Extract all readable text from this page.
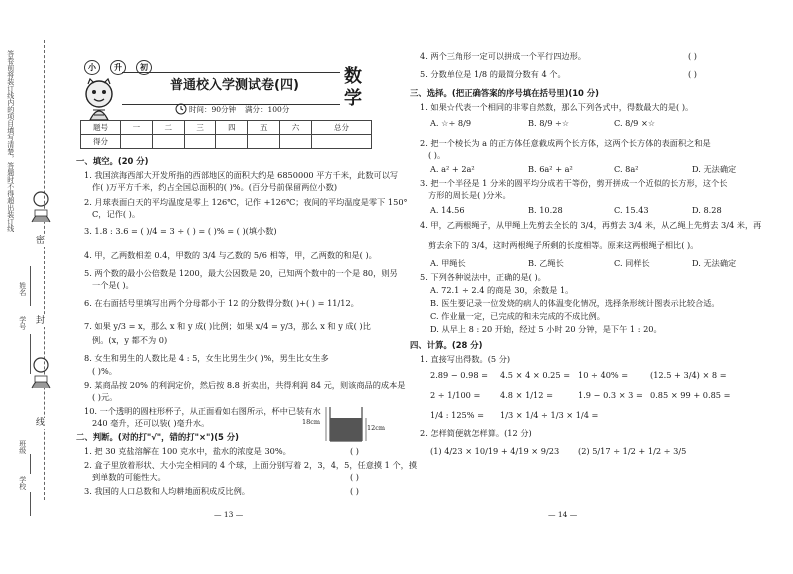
答卷前将装订线内的项目填写清楚，答题时不得超出装订线
密
封
线
学号
姓名
班级
学校
小	升	初
普通校入学测试卷(四)
时间：90分钟 满分：100分
数学
题号	一	二	三	四	五	六	总分
得分							
一、填空。(20 分)
1. 我国滨海西部大开发所指的西部地区的面积大约是 6850000 平方千米，此数可以写
作( )万平方千米，约占全国总面积的( )%。(百分号前保留两位小数)
2. 月球表面白天的平均温度是零上 126℃，记作 +126℃；夜间的平均温度是零下 150°
C，记作( )。
3. 1.8 : 3.6 = ( )/4 = 3 ÷ ( ) = ( )% = ( )(填小数)
4. 甲，乙两数相差 0.4，甲数的 3/4 与乙数的 5/6 相等，甲，乙两数的和是( )。
5. 两个数的最小公倍数是 1200，最大公因数是 20，已知两个数中的一个是 80，则另
一个是( )。
6. 在右面括号里填写出两个分母都小于 12 的分数得分数( )+( ) = 11/12。
7. 如果 y/3 = x，那么 x 和 y 成( )比例；如果 x/4 = y/3，那么 x 和 y 成( )比
例。(x，y 都不为 0)
8. 女生和男生的人数比是 4 : 5，女生比男生少( )%，男生比女生多
( )%。
9. 某商品按 20% 的利润定价，然后按 8.8 折卖出，共得利润 84 元，则该商品的成本是
( )元。
10. 一个透明的圆柱形杯子，从正面看如右图所示，杯中已装有水
240 毫升，还可以装( )毫升水。	18cm
12cm
二、判断。(对的打"√"，错的打"×")(5 分)
1. 把 30 克盐溶解在 100 克水中，盐水的浓度是 30%。
2. 盒子里放着形状、大小完全相同的 4 个球，上面分别写着 2，3，4，5，任意摸 1 个，摸
到单数的可能性大。
3. 我国的人口总数和人均耕地面积成反比例。
( )
( )
( )
— 13 —
4. 两个三角形一定可以拼成一个平行四边形。	( )
5. 分数单位是 1/8 的最简分数有 4 个。	( )
三、选择。(把正确答案的序号填在括号里)(10 分)
1. 如果☆代表一个相同的非零自然数，那么下列各式中，得数最大的是( )。
A. ☆÷ 8/9	B. 8/9 ÷☆	C. 8/9 ×☆
2. 把一个棱长为 a 的正方体任意截成两个长方体，这两个长方体的表面积之和是
( )。
A. a² + 2a²	B. 6a² + a²	C. 8a²	D. 无法确定
3. 把一个半径是 1 分米的圆平均分成若干等份，剪开拼成一个近似的长方形，这个长
方形的周长是( )分米。
A. 14.56	B. 10.28	C. 15.43	D. 8.28
4. 甲，乙两根绳子，从甲绳上先剪去全长的 3/4，再剪去 3/4 米，从乙绳上先剪去 3/4 米，再
剪去余下的 3/4，这时两根绳子所剩的长度相等。原来这两根绳子相比( )。
A. 甲绳长	B. 乙绳长	C. 同样长	D. 无法确定
5. 下列各种说法中，正确的是( )。
A. 72.1 ÷ 2.4 的商是 30，余数是 1。
B. 医生要记录一位发烧的病人的体温变化情况，选择条形统计图表示比较合适。
C. 作业量一定，已完成的和未完成的不成比例。
D. 从早上 8 : 20 开始，经过 5 小时 20 分钟，是下午 1 : 20。
四、计算。(28 分)
1. 直接写出得数。(5 分)
2.89 − 0.98 = 4.5 × 4 × 0.25 = 10 ÷ 40% =	(12.5 + 3/4) × 8 =
2 ÷ 1/100 = 4.8 × 1/12 =	1.9 − 0.3 × 3 = 0.85 × 99 + 0.85 =
1/4 : 125% = 1/3 × 1/4 ÷ 1/3 × 1/4 =
2. 怎样简便就怎样算。(12 分)
(1) 4/23 × 10/19 + 4/19 × 9/23 (2) 5/17 ÷ 1/2 + 1/2 ÷ 3/5
— 14 —
